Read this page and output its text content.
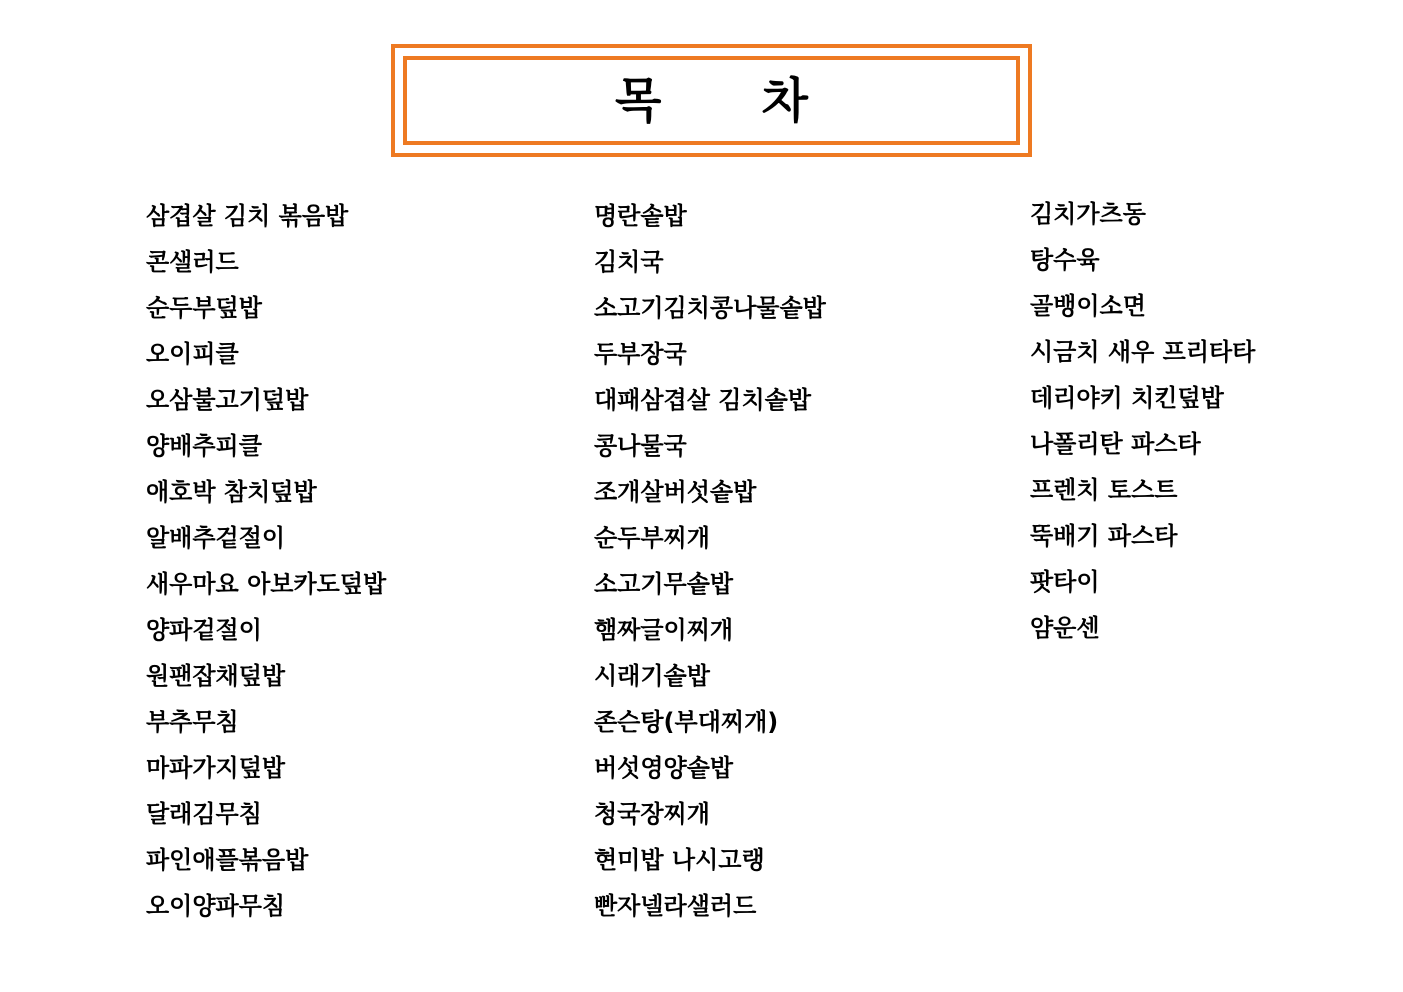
목      차
삼겹살 김치 볶음밥
콘샐러드
순두부덮밥
오이피클
오삼불고기덮밥
양배추피클
애호박 참치덮밥
알배추겉절이
새우마요 아보카도덮밥
양파겉절이
원팬잡채덮밥
부추무침
마파가지덮밥
달래김무침
파인애플볶음밥
오이양파무침
명란솥밥
김치국
소고기김치콩나물솥밥
두부장국
대패삼겹살 김치솥밥
콩나물국
조개살버섯솥밥
순두부찌개
소고기무솥밥
햄짜글이찌개
시래기솥밥
존슨탕(부대찌개)
버섯영양솥밥
청국장찌개
현미밥 나시고랭
빤자넬라샐러드
김치가츠동
탕수육
골뱅이소면
시금치 새우 프리타타
데리야키 치킨덮밥
나폴리탄 파스타
프렌치 토스트
뚝배기 파스타
팟타이
얌운센
